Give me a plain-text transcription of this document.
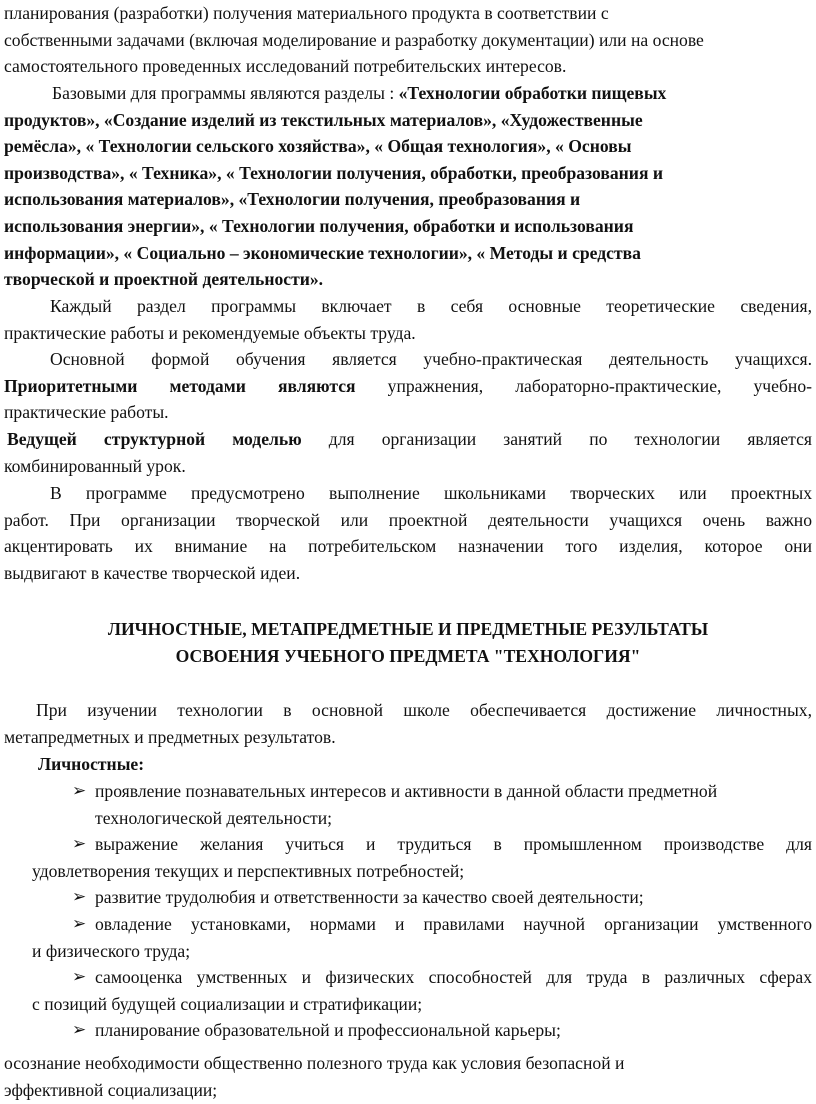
планирования (разработки) получения материального продукта в соответствии с

собственными задачами (включая моделирование и разработку документации) или на основе

самостоятельного проведенных исследований потребительских интересов.

Базовыми для программы являются разделы : «Технологии обработки пищевых

продуктов», «Создание изделий из текстильных материалов», «Художественные

ремёсла», « Технологии сельского хозяйства», « Общая технология», « Основы

производства», « Техника», « Технологии получения, обработки, преобразования и

использования материалов», «Технологии получения, преобразования и

использования энергии», « Технологии получения, обработки и использования

информации», « Социально – экономические технологии», « Методы и средства

творческой и проектной деятельности».

Каждый раздел программы включает в себя основные теоретические сведения,

практические работы и рекомендуемые объекты труда.

Основной формой обучения является учебно-практическая деятельность учащихся.

Приоритетными методами являются упражнения, лабораторно-практические, учебно-

практические работы.

Ведущей структурной моделью для организации занятий по технологии является

комбинированный урок.

В программе предусмотрено выполнение школьниками творческих или проектных

работ. При организации творческой или проектной деятельности учащихся очень важно

акцентировать их внимание на потребительском назначении того изделия, которое они

выдвигают в качестве творческой идеи.

ЛИЧНОСТНЫЕ, МЕТАПРЕДМЕТНЫЕ И ПРЕДМЕТНЫЕ РЕЗУЛЬТАТЫ

ОСВОЕНИЯ УЧЕБНОГО ПРЕДМЕТА "ТЕХНОЛОГИЯ"

При изучении технологии в основной школе обеспечивается достижение личностных,

метапредметных и предметных результатов.

Личностные:

➢ проявление познавательных интересов и активности в данной области предметной

технологической деятельности;

➢ выражение желания учиться и трудиться в промышленном производстве для

удовлетворения текущих и перспективных потребностей;

➢ развитие трудолюбия и ответственности за качество своей деятельности;

➢ овладение установками, нормами и правилами научной организации умственного

и физического труда;

➢ самооценка умственных и физических способностей для труда в различных сферах

с позиций будущей социализации и стратификации;

➢ планирование образовательной и профессиональной карьеры;

осознание необходимости общественно полезного труда как условия безопасной и

эффективной социализации;
